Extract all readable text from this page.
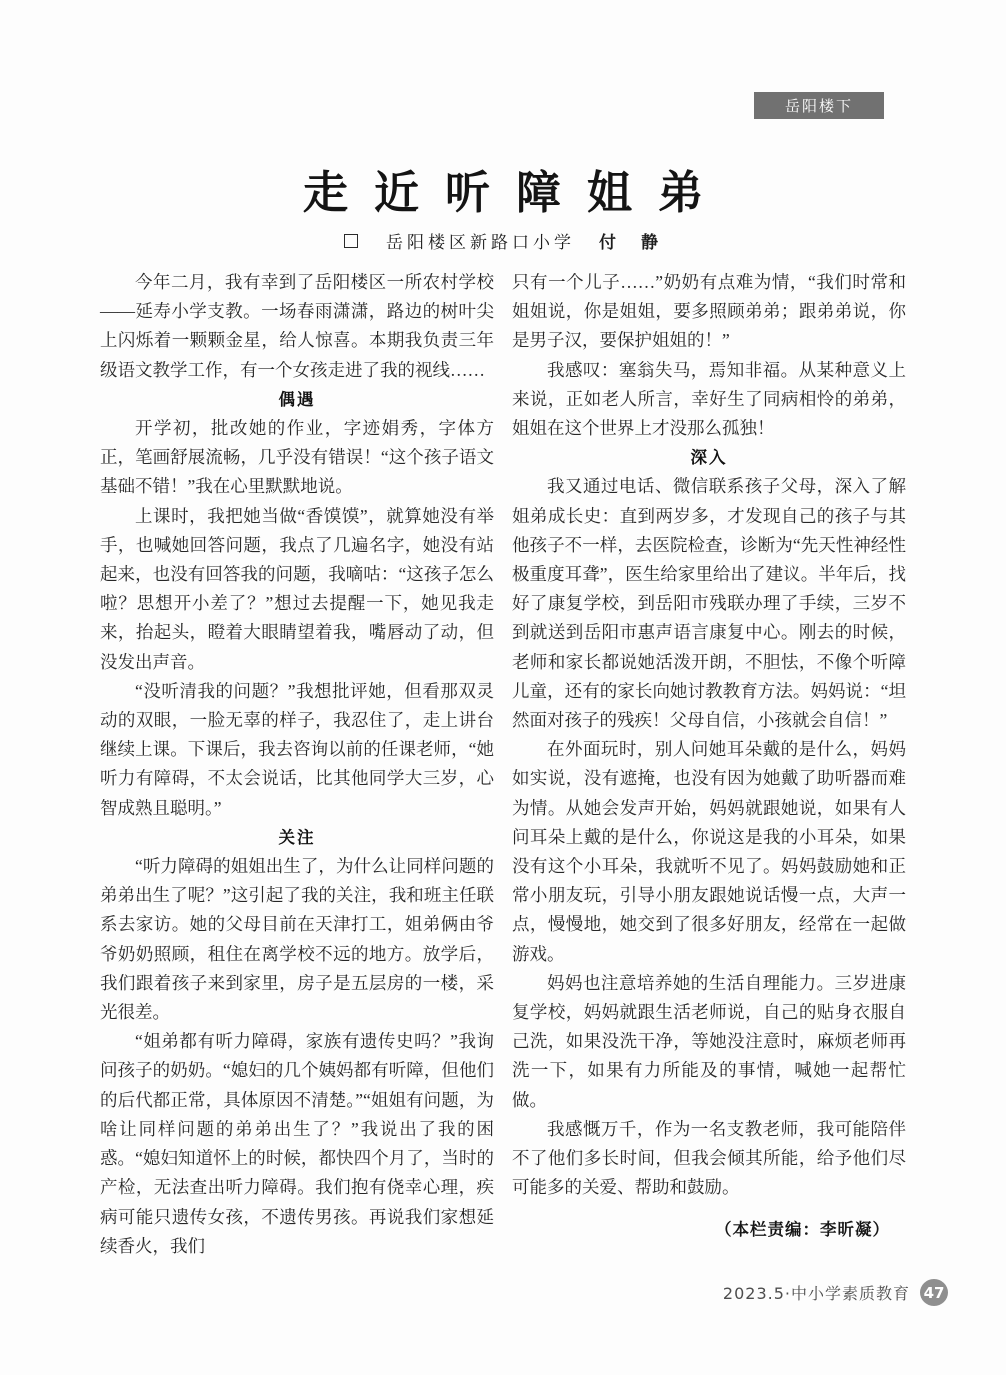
岳阳楼下
走近听障姐弟
岳阳楼区新路口小学 付　静
今年二月，我有幸到了岳阳楼区一所农村学校——延寿小学支教。一场春雨潇潇，路边的树叶尖上闪烁着一颗颗金星，给人惊喜。本期我负责三年级语文教学工作，有一个女孩走进了我的视线……
偶遇
开学初，批改她的作业，字迹娟秀，字体方正，笔画舒展流畅，几乎没有错误！“这个孩子语文基础不错！”我在心里默默地说。
上课时，我把她当做“香馍馍”，就算她没有举手，也喊她回答问题，我点了几遍名字，她没有站起来，也没有回答我的问题，我嘀咕：“这孩子怎么啦？思想开小差了？”想过去提醒一下，她见我走来，抬起头，瞪着大眼睛望着我，嘴唇动了动，但没发出声音。
“没听清我的问题？”我想批评她，但看那双灵动的双眼，一脸无辜的样子，我忍住了，走上讲台继续上课。下课后，我去咨询以前的任课老师，“她听力有障碍，不太会说话，比其他同学大三岁，心智成熟且聪明。”
关注
“听力障碍的姐姐出生了，为什么让同样问题的弟弟出生了呢？”这引起了我的关注，我和班主任联系去家访。她的父母目前在天津打工，姐弟俩由爷爷奶奶照顾，租住在离学校不远的地方。放学后，我们跟着孩子来到家里，房子是五层房的一楼，采光很差。
“姐弟都有听力障碍，家族有遗传史吗？”我询问孩子的奶奶。“媳妇的几个姨妈都有听障，但他们的后代都正常，具体原因不清楚。”“姐姐有问题，为啥让同样问题的弟弟出生了？”我说出了我的困惑。“媳妇知道怀上的时候，都快四个月了，当时的产检，无法查出听力障碍。我们抱有侥幸心理，疾病可能只遗传女孩，不遗传男孩。再说我们家想延续香火，我们
只有一个儿子……”奶奶有点难为情，“我们时常和姐姐说，你是姐姐，要多照顾弟弟；跟弟弟说，你是男子汉，要保护姐姐的！”
我感叹：塞翁失马，焉知非福。从某种意义上来说，正如老人所言，幸好生了同病相怜的弟弟，姐姐在这个世界上才没那么孤独！
深入
我又通过电话、微信联系孩子父母，深入了解姐弟成长史：直到两岁多，才发现自己的孩子与其他孩子不一样，去医院检查，诊断为“先天性神经性极重度耳聋”，医生给家里给出了建议。半年后，找好了康复学校，到岳阳市残联办理了手续，三岁不到就送到岳阳市惠声语言康复中心。刚去的时候，老师和家长都说她活泼开朗，不胆怯，不像个听障儿童，还有的家长向她讨教教育方法。妈妈说：“坦然面对孩子的残疾！父母自信，小孩就会自信！”
在外面玩时，别人问她耳朵戴的是什么，妈妈如实说，没有遮掩，也没有因为她戴了助听器而难为情。从她会发声开始，妈妈就跟她说，如果有人问耳朵上戴的是什么，你说这是我的小耳朵，如果没有这个小耳朵，我就听不见了。妈妈鼓励她和正常小朋友玩，引导小朋友跟她说话慢一点，大声一点，慢慢地，她交到了很多好朋友，经常在一起做游戏。
妈妈也注意培养她的生活自理能力。三岁进康复学校，妈妈就跟生活老师说，自己的贴身衣服自己洗，如果没洗干净，等她没注意时，麻烦老师再洗一下，如果有力所能及的事情，喊她一起帮忙做。
我感慨万千，作为一名支教老师，我可能陪伴不了他们多长时间，但我会倾其所能，给予他们尽可能多的关爱、帮助和鼓励。
（本栏责编：李昕凝）
2023.5·中小学素质教育 47
